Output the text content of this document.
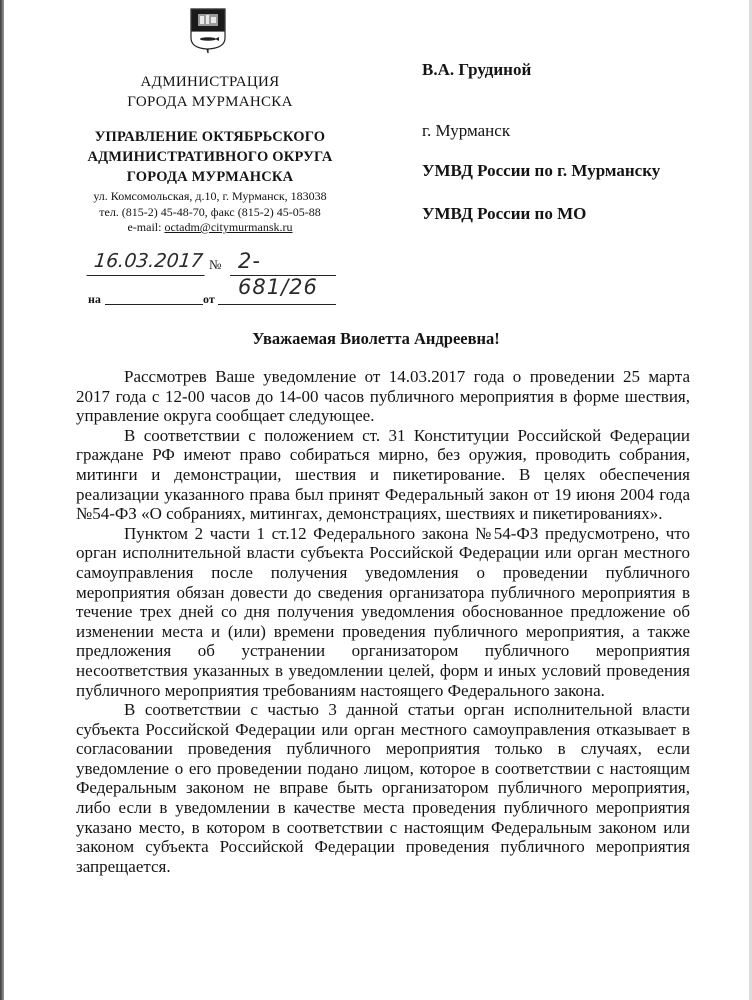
АДМИНИСТРАЦИЯ
ГОРОДА МУРМАНСКА
УПРАВЛЕНИЕ ОКТЯБРЬСКОГО
АДМИНИСТРАТИВНОГО ОКРУГА
ГОРОДА МУРМАНСКА
ул. Комсомольская, д.10, г. Мурманск, 183038
тел. (815-2) 45-48-70, факс (815-2) 45-05-88
e-mail: octadm@citymurmansk.ru
16.03.2017 № 2-681/26
на	от
В.А. Грудиной
г. Мурманск
УМВД России по г. Мурманску
УМВД России по МО
Уважаемая Виолетта Андреевна!

Рассмотрев Ваше уведомление от 14.03.2017 года о проведении 25 марта 2017 года с 12-00 часов до 14-00 часов публичного мероприятия в форме шествия, управление округа сообщает следующее.

В соответствии с положением ст. 31 Конституции Российской Федерации граждане РФ имеют право собираться мирно, без оружия, проводить собрания, митинги и демонстрации, шествия и пикетирование. В целях обеспечения реализации указанного права был принят Федеральный закон от 19 июня 2004 года №54-ФЗ «О собраниях, митингах, демонстрациях, шествиях и пикетированиях».

Пунктом 2 части 1 ст.12 Федерального закона №54-ФЗ предусмотрено, что орган исполнительной власти субъекта Российской Федерации или орган местного самоуправления после получения уведомления о проведении публичного мероприятия обязан довести до сведения организатора публичного мероприятия в течение трех дней со дня получения уведомления обоснованное предложение об изменении места и (или) времени проведения публичного мероприятия, а также предложения об устранении организатором публичного мероприятия несоответствия указанных в уведомлении целей, форм и иных условий проведения публичного мероприятия требованиям настоящего Федерального закона.

В соответствии с частью 3 данной статьи орган исполнительной власти субъекта Российской Федерации или орган местного самоуправления отказывает в согласовании проведения публичного мероприятия только в случаях, если уведомление о его проведении подано лицом, которое в соответствии с настоящим Федеральным законом не вправе быть организатором публичного мероприятия, либо если в уведомлении в качестве места проведения публичного мероприятия указано место, в котором в соответствии с настоящим Федеральным законом или законом субъекта Российской Федерации проведения публичного мероприятия запрещается.
